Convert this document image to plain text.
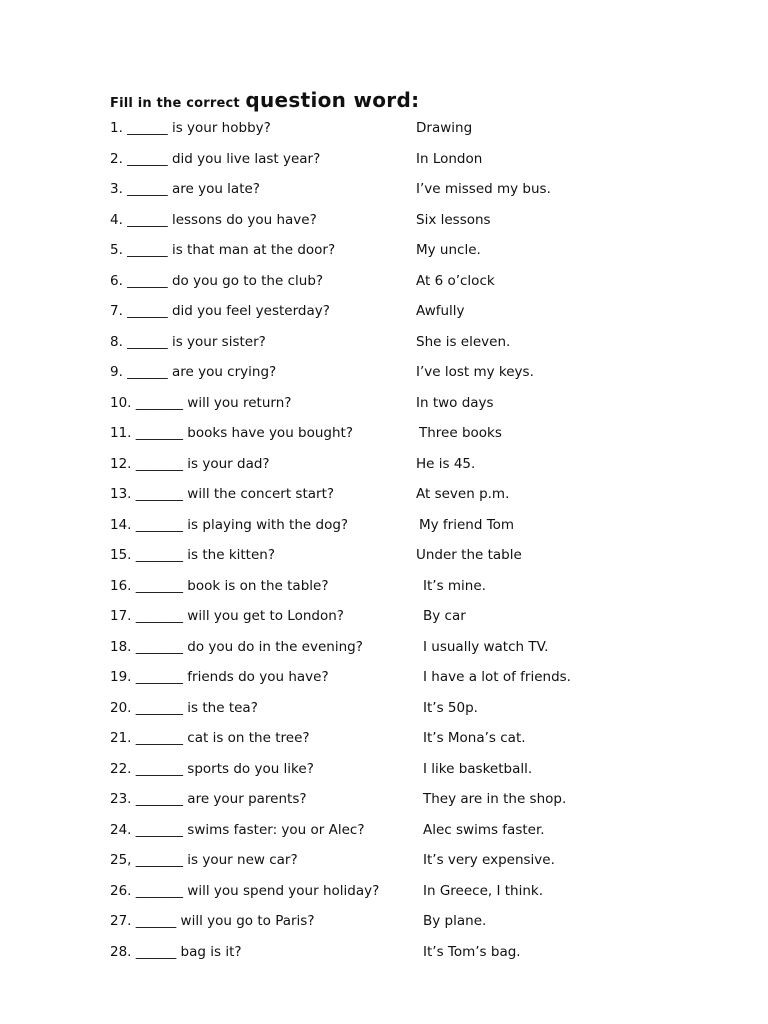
Fill in the correct question word:
1. ______ is your hobby?	Drawing
2. ______ did you live last year?	In London
3. ______ are you late?	I’ve missed my bus.
4. ______ lessons do you have?	Six lessons
5. ______ is that man at the door?	My uncle.
6. ______ do you go to the club?	At 6 o’clock
7. ______ did you feel yesterday?	Awfully
8. ______ is your sister?	She is eleven.
9. ______ are you crying?	I’ve lost my keys.
10. _______ will you return?	In two days
11. _______ books have you bought?	Three books
12. _______ is your dad?	He is 45.
13. _______ will the concert start?	At seven p.m.
14. _______ is playing with the dog?	My friend Tom
15. _______ is the kitten?	Under the table
16. _______ book is on the table?	It’s mine.
17. _______ will you get to London?	By car
18. _______ do you do in the evening?	I usually watch TV.
19. _______ friends do you have?	I have a lot of friends.
20. _______ is the tea?	It’s 50p.
21. _______ cat is on the tree?	It’s Mona’s cat.
22. _______ sports do you like?	I like basketball.
23. _______ are your parents?	They are in the shop.
24. _______ swims faster: you or Alec?	Alec swims faster.
25, _______ is your new car?	It’s very expensive.
26. _______ will you spend your holiday?	In Greece, I think.
27. ______ will you go to Paris?	By plane.
28. ______ bag is it?	It’s Tom’s bag.
